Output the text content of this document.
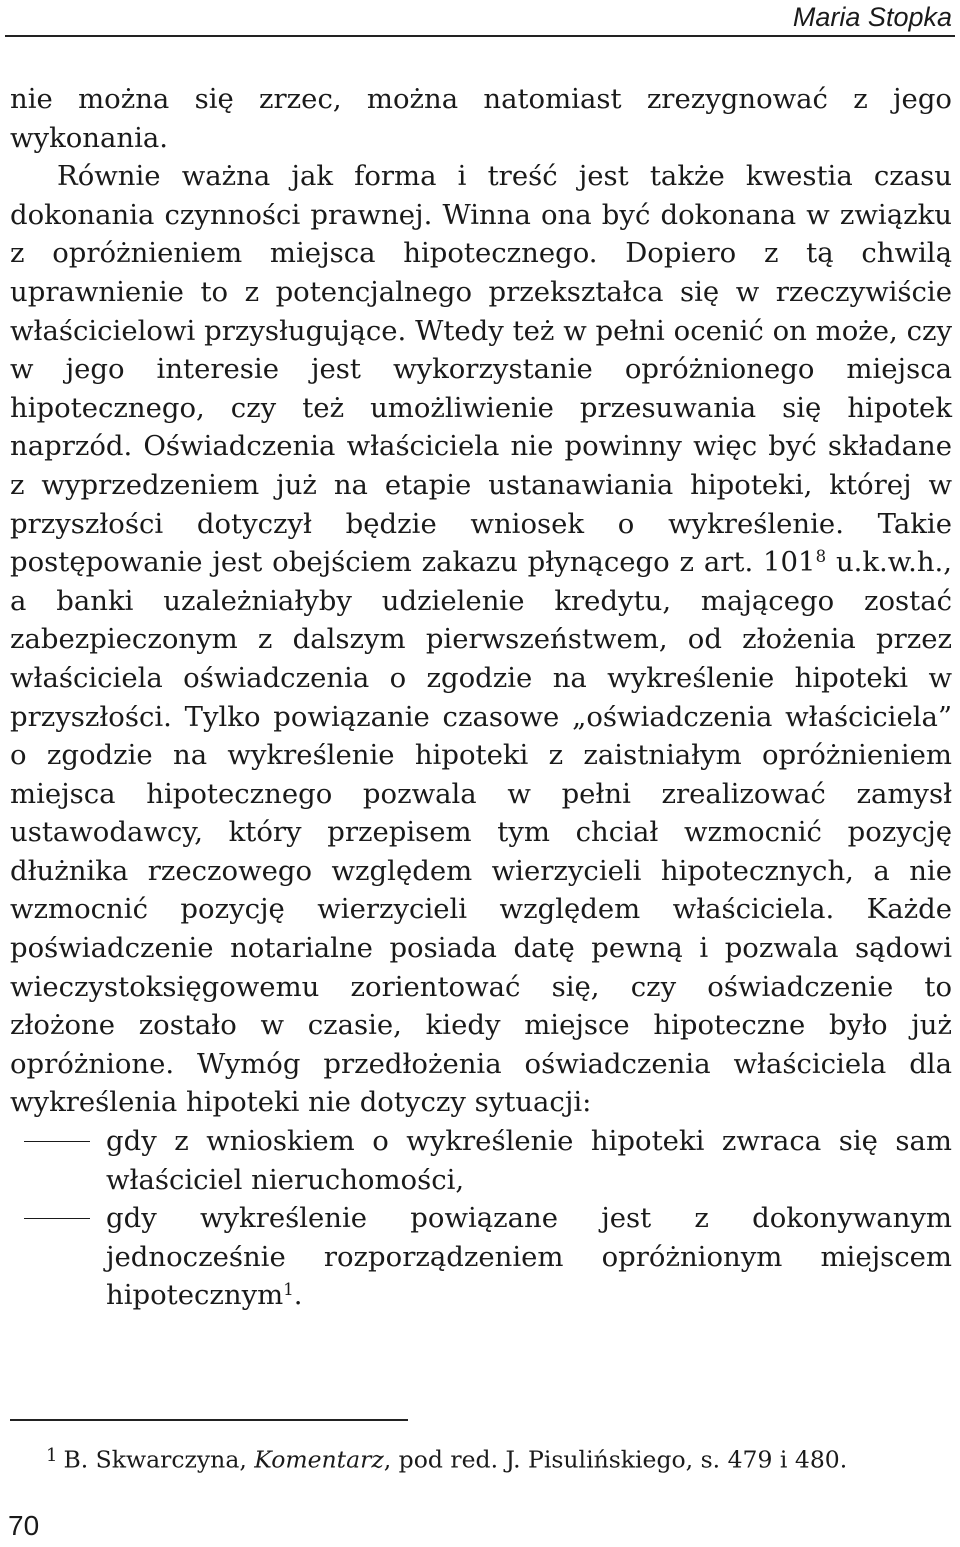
Maria Stopka

nie można się zrzec, można natomiast zrezygnować z jego wykonania.

Równie ważna jak forma i treść jest także kwestia czasu dokonania czynności prawnej. Winna ona być dokonana w związku z opróżnieniem miejsca hipotecznego. Dopiero z tą chwilą uprawnienie to z potencjalnego przekształca się w rzeczywiście właścicielowi przysługujące. Wtedy też w pełni ocenić on może, czy w jego interesie jest wykorzystanie opróżnionego miejsca hipotecznego, czy też umożliwienie przesuwania się hipotek naprzód. Oświadczenia właściciela nie powinny więc być składane z wyprzedzeniem już na etapie ustanawiania hipoteki, której w przyszłości dotyczył będzie wniosek o wykreślenie. Takie postępowanie jest obejściem zakazu płynącego z art. $101^8$ u.k.w.h., a banki uzależniałyby udzielenie kredytu, mającego zostać zabezpieczonym z dalszym pierwszeństwem, od złożenia przez właściciela oświadczenia o zgodzie na wykreślenie hipoteki w przyszłości. Tylko powiązanie czasowe „oświadczenia właściciela” o zgodzie na wykreślenie hipoteki z zaistniałym opróżnieniem miejsca hipotecznego pozwala w pełni zrealizować zamysł ustawodawcy, który przepisem tym chciał wzmocnić pozycję dłużnika rzeczowego względem wierzycieli hipotecznych, a nie wzmocnić pozycję wierzycieli względem właściciela. Każde poświadczenie notarialne posiada datę pewną i pozwala sądowi wieczystoksięgowemu zorientować się, czy oświadczenie to złożone zostało w czasie, kiedy miejsce hipoteczne było już opróżnione. Wymóg przedłożenia oświadczenia właściciela dla wykreślenia hipoteki nie dotyczy sytuacji:

gdy z wnioskiem o wykreślenie hipoteki zwraca się sam właściciel nieruchomości,
gdy wykreślenie powiązane jest z dokonywanym jednocześnie rozporządzeniem opróżnionym miejscem hipotecznym$^1$.
$^1$ B. Skwarczyna, Komentarz, pod red. J. Pisulińskiego, s. 479 i 480.
70
